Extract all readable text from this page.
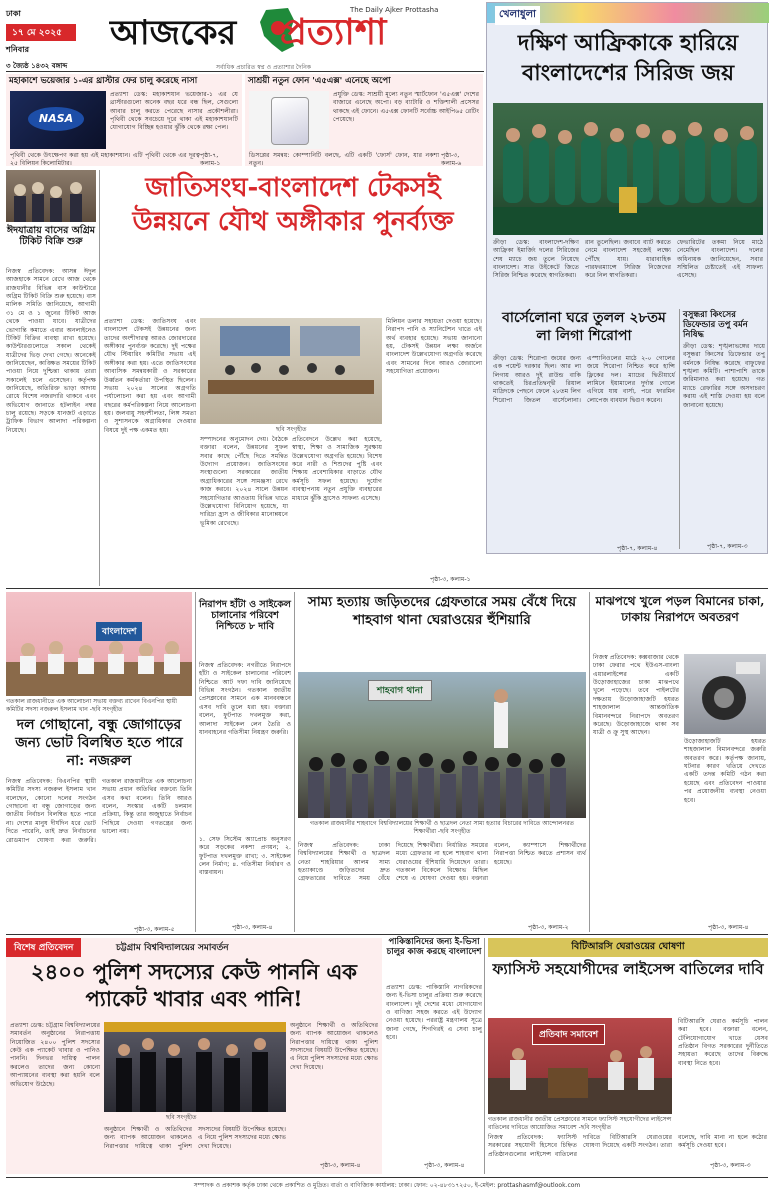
ঢাকা
১৭ মে ২০২৫
শনিবার
৩ জ্যৈষ্ঠ ১৪৩২ বঙ্গাব্দ
আজকের প্রত্যাশা
The Daily Ajker Prottasha
সর্বাধিক প্রচারিত স্বপ্ন ও প্রত্যাশার দৈনিক
মহাকাশে ভয়েজার ১-এর থ্রাস্টার ফের চালু করেছে নাসা
NASA
প্রত্যাশা ডেস্ক: মহাকাশযান ভয়েজার-১ এর যে থ্রাস্টারগুলো অনেক বছর ধরে বন্ধ ছিল, সেগুলো আবার চালু করতে পেরেছে নাসার প্রকৌশলীরা। পৃথিবী থেকে সবচেয়ে দূরে থাকা এই মহাকাশযানটি যোগাযোগ বিচ্ছিন্ন হওয়ার ঝুঁকি থেকে রক্ষা পেল।
পৃথিবী থেকে উৎক্ষেপণ করা হয় এই মহাকাশযান। এটি পৃথিবী থেকে এর দূরত্ব ২৫ বিলিয়ন কিলোমিটার।
পৃষ্ঠা-৭, কলাম-১
সাশ্রয়ী নতুন ফোন 'এ৫এক্স' এনেছে অপো
প্রযুক্তি ডেস্ক: সাশ্রয়ী মূল্যে নতুন স্মার্টফোন 'এ৫এক্স' দেশের বাজারে এনেছে অপো। বড় ব্যাটারি ও শক্তিশালী প্রসেসর থাকছে এই ফোনে। এ৫এক্স ফোনটি সর্বোচ্চ আইপি৬৫ রেটিং পেয়েছে।
ডিসপ্লের সমন্বয়: কোম্পানিটি বলছে, এটি একটি 'ফোর্স' ফোন, যার নকশা নতুন।
পৃষ্ঠা-৩, কলাম-৬
খেলাধুলা
দক্ষিণ আফ্রিকাকে হারিয়ে বাংলাদেশের সিরিজ জয়
ক্রীড়া ডেস্ক: বাংলাদেশ-দক্ষিণ আফ্রিকা ইমার্জিং দলের সিরিজের শেষ ম্যাচে জয় তুলে নিয়েছে বাংলাদেশ। সাত উইকেটে জিতে সিরিজ নিশ্চিত করেছে স্বাগতিকরা।
রান তুলেছিল। জবাবে ব্যাট করতে নেমে বাংলাদেশ সহজেই লক্ষ্যে পৌঁছে যায়। ধারাবাহিক পারফরম্যান্সে সিরিজ নিজেদের করে নিল স্বাগতিকরা।
ফেভারিটের তকমা নিয়ে মাঠে নেমেছিল বাংলাদেশ। দলের অধিনায়ক জানিয়েছেন, সবার সম্মিলিত চেষ্টাতেই এই সাফল্য এসেছে।
বার্সেলোনা ঘরে তুলল ২৮তম লা লিগা শিরোপা
ক্রীড়া ডেস্ক: শিরোপা জয়ের জন্য এক পয়েন্ট দরকার ছিল। আর লা লিগায় আরও দুই রাউন্ড বাকি থাকতেই চিরপ্রতিদ্বন্দ্বী রিয়াল মাদ্রিদকে পেছনে ফেলে ২৮তম লিগ শিরোপা জিতল বার্সেলোনা। এস্পানিওলের মাঠে ২-০ গোলের জয়ে শিরোপা নিশ্চিত করে হান্সি ফ্লিকের দল। ম্যাচের দ্বিতীয়ার্ধে লামিনে ইয়ামালের দুর্দান্ত গোলে এগিয়ে যায় বার্সা, পরে ফারমিন লোপেজ ব্যবধান দ্বিগুণ করেন।
পৃষ্ঠা-৭, কলাম-৪
বসুন্ধরা কিংসের ডিফেন্ডার তপু বর্মন নিষিদ্ধ
ক্রীড়া ডেস্ক: শৃঙ্খলাভঙ্গের দায়ে বসুন্ধরা কিংসের ডিফেন্ডার তপু বর্মনকে নিষিদ্ধ করেছে বাফুফের শৃঙ্খলা কমিটি। পাশাপাশি তাকে জরিমানাও করা হয়েছে। গত ম্যাচে রেফারির সঙ্গে অসদাচরণ করায় এই শাস্তি দেওয়া হয় বলে জানানো হয়েছে।
পৃষ্ঠা-৭, কলাম-৩
ঈদযাত্রায় বাসের অগ্রিম টিকিট বিক্রি শুরু
নিজস্ব প্রতিবেদক: আসন্ন ঈদুল আজহাকে সামনে রেখে আজ থেকে রাজধানীর বিভিন্ন বাস কাউন্টারে অগ্রিম টিকিট বিক্রি শুরু হয়েছে। বাস মালিক সমিতি জানিয়েছে, আগামী ৩১ মে ও ১ জুনের টিকিট আজ থেকে পাওয়া যাবে। যাত্রীদের ভোগান্তি কমাতে এবার অনলাইনেও টিকিট বিক্রির ব্যবস্থা রাখা হয়েছে। কাউন্টারগুলোতে সকাল থেকেই যাত্রীদের ভিড় দেখা গেছে। অনেকেই জানিয়েছেন, কাঙ্ক্ষিত সময়ের টিকিট পাওয়া নিয়ে দুশ্চিন্তা থাকায় তারা সকালেই চলে এসেছেন। কর্তৃপক্ষ জানিয়েছে, অতিরিক্ত ভাড়া আদায় রোধে বিশেষ নজরদারি থাকবে এবং অভিযোগ জানাতে হটলাইন নম্বর চালু রয়েছে। সড়কে যানজট এড়াতে ট্রাফিক বিভাগ আলাদা পরিকল্পনা নিয়েছে।
জাতিসংঘ-বাংলাদেশ টেকসই উন্নয়নে যৌথ অঙ্গীকার পুনর্ব্যক্ত
প্রত্যাশা ডেস্ক: জাতিসংঘ এবং বাংলাদেশ টেকসই উন্নয়নের জন্য তাদের অংশীদারত্ব আরও জোরদারের অঙ্গীকার পুনর্ব্যক্ত করেছে। দুই পক্ষের যৌথ স্টিয়ারিং কমিটির সভায় এই অঙ্গীকার করা হয়। এতে জাতিসংঘের আবাসিক সমন্বয়কারী ও সরকারের উর্ধ্বতন কর্মকর্তারা উপস্থিত ছিলেন। সভায় ২০২৪ সালের অগ্রগতি পর্যালোচনা করা হয় এবং আগামী বছরের কর্মপরিকল্পনা নিয়ে আলোচনা হয়। জলবায়ু সহনশীলতা, লিঙ্গ সমতা ও সুশাসনকে অগ্রাধিকার দেওয়ার বিষয়ে দুই পক্ষ একমত হয়।	ছবি সংগৃহীত
সম্পাদনের অনুমোদন দেয়। বৈঠকে বক্তারা বলেন, উন্নয়নের সুফল সবার কাছে পৌঁছে দিতে সমন্বিত উদ্যোগ প্রয়োজন। জাতিসংঘের সংস্থাগুলো সরকারের জাতীয় অগ্রাধিকারের সঙ্গে সামঞ্জস্য রেখে কাজ করবে। ২০২৪ সালে উন্নয়ন সহযোগিতার আওতায় বিভিন্ন খাতে উল্লেখযোগ্য বিনিয়োগ হয়েছে, যা দারিদ্র্য হ্রাস ও জীবিকার মানোন্নয়নে ভূমিকা রেখেছে।
প্রতিবেদনে উল্লেখ করা হয়েছে, স্বাস্থ্য, শিক্ষা ও সামাজিক সুরক্ষায় উল্লেখযোগ্য অগ্রগতি হয়েছে। বিশেষ করে নারী ও শিশুদের পুষ্টি এবং শিক্ষায় প্রবেশাধিকার বাড়াতে যৌথ কর্মসূচি সফল হয়েছে। দুর্যোগ ব্যবস্থাপনায় নতুন প্রযুক্তি ব্যবহারের মাধ্যমে ঝুঁকি হ্রাসেও সাফল্য এসেছে।
মিলিয়ন ডলার সহায়তা দেওয়া হয়েছে। নিরাপদ পানি ও স্যানিটেশন খাতে এই অর্থ ব্যবহার হয়েছে। সভায় জানানো হয়, টেকসই উন্নয়ন লক্ষ্য অর্জনে বাংলাদেশ উল্লেখযোগ্য অগ্রগতি করেছে এবং সামনের দিনে আরও জোরালো সহযোগিতা প্রয়োজন।
পৃষ্ঠা-৩, কলাম-১
বাংলাদেশ
গতকাল রাজধানীতে এক আলোচনা সভায় বক্তব্য রাখেন বিএনপির স্থায়ী কমিটির সদস্য নজরুল ইসলাম খান -ছবি সংগৃহীত
দল গোছানো, বন্ধু জোগাড়ের জন্য ভোট বিলম্বিত হতে পারে না: নজরুল
নিজস্ব প্রতিবেদক: বিএনপির স্থায়ী কমিটির সদস্য নজরুল ইসলাম খান বলেছেন, কোনো দলের সংগঠন গোছানো বা বন্ধু জোগাড়ের জন্য জাতীয় নির্বাচন বিলম্বিত হতে পারে না। দেশের মানুষ দীর্ঘদিন ধরে ভোট দিতে পারেনি, তাই দ্রুত নির্বাচনের রোডম্যাপ ঘোষণা করা জরুরি। গতকাল রাজধানীতে এক আলোচনা সভায় প্রধান অতিথির বক্তব্যে তিনি এসব কথা বলেন। তিনি আরও বলেন, সংস্কার একটি চলমান প্রক্রিয়া, কিন্তু তার অজুহাতে নির্বাচন পিছিয়ে দেওয়া গণতন্ত্রের জন্য ভালো নয়।
পৃষ্ঠা-৩, কলাম-৫
নিরাপদ হাঁটা ও সাইকেল চালানোর পরিবেশ নিশ্চিতে ৮ দাবি
নিজস্ব প্রতিবেদক: নগরীতে নিরাপদে হাঁটা ও সাইকেল চালানোর পরিবেশ নিশ্চিতে আট দফা দাবি জানিয়েছে বিভিন্ন সংগঠন। গতকাল জাতীয় প্রেসক্লাবের সামনে এক মানববন্ধনে এসব দাবি তুলে ধরা হয়। বক্তারা বলেন, ফুটপাত দখলমুক্ত করা, আলাদা সাইকেল লেন তৈরি ও যানবাহনের গতিসীমা নিয়ন্ত্রণ জরুরি।
১. সেফ সিস্টেম অ্যাপ্রোচ অনুসরণ করে সড়কের নকশা প্রণয়ন; ২. ফুটপাত দখলমুক্ত রাখা; ৩. সাইকেল লেন নির্মাণ; ৪. গতিসীমা নির্ধারণ ও বাস্তবায়ন।
পৃষ্ঠা-৩, কলাম-৪
সাম্য হত্যায় জড়িতদের গ্রেফতারে সময় বেঁধে দিয়ে শাহবাগ থানা ঘেরাওয়ের হুঁশিয়ারি
শাহবাগ থানা
গতকাল রাজধানীর শাহবাগে বিশ্ববিদ্যালয়ের শিক্ষার্থী ও ছাত্রদল নেতা সাম্য হত্যার বিচারের দাবিতে আন্দোলনরত শিক্ষার্থীরা -ছবি সংগৃহীত
নিজস্ব প্রতিবেদক: ঢাকা বিশ্ববিদ্যালয়ের শিক্ষার্থী ও ছাত্রদল নেতা শাহরিয়ার আলম সাম্য হত্যাকাণ্ডে জড়িতদের দ্রুত গ্রেফতারের দাবিতে সময় বেঁধে দিয়েছে শিক্ষার্থীরা। নির্ধারিত সময়ের মধ্যে গ্রেফতার না হলে শাহবাগ থানা ঘেরাওয়ের হুঁশিয়ারি দিয়েছেন তারা। গতকাল বিকেলে বিক্ষোভ মিছিল শেষে এ ঘোষণা দেওয়া হয়। বক্তারা বলেন, ক্যাম্পাসে শিক্ষার্থীদের নিরাপত্তা নিশ্চিত করতে প্রশাসন ব্যর্থ হয়েছে।
পৃষ্ঠা-৩, কলাম-২
মাঝপথে খুলে পড়ল বিমানের চাকা, ঢাকায় নিরাপদে অবতরণ
নিজস্ব প্রতিবেদক: কক্সবাজার থেকে ঢাকা ফেরার পথে ইউএস-বাংলা এয়ারলাইন্সের একটি উড়োজাহাজের চাকা মাঝপথে খুলে পড়েছে। তবে পাইলটের দক্ষতায় উড়োজাহাজটি হযরত শাহজালাল আন্তর্জাতিক বিমানবন্দরে নিরাপদে অবতরণ করেছে। উড়োজাহাজে থাকা সব যাত্রী ও ক্রু সুস্থ আছেন।
উড়োজাহাজটি হযরত শাহজালাল বিমানবন্দরে জরুরি অবতরণ করে। কর্তৃপক্ষ জানায়, ঘটনার কারণ খতিয়ে দেখতে একটি তদন্ত কমিটি গঠন করা হয়েছে এবং প্রতিবেদন পাওয়ার পর প্রয়োজনীয় ব্যবস্থা নেওয়া হবে।
পৃষ্ঠা-৩, কলাম-৪
বিশেষ প্রতিবেদন	চট্টগ্রাম বিশ্ববিদ্যালয়ের সমাবর্তন
২৪০০ পুলিশ সদস্যের কেউ পাননি এক প্যাকেট খাবার এবং পানি!
প্রত্যাশা ডেস্ক: চট্টগ্রাম বিশ্ববিদ্যালয়ের সমাবর্তন অনুষ্ঠানের নিরাপত্তায় নিয়োজিত ২৪০০ পুলিশ সদস্যের কেউ এক প্যাকেট খাবার ও পানিও পাননি। দিনভর দায়িত্ব পালন করলেও তাদের জন্য কোনো আপ্যায়নের ব্যবস্থা করা হয়নি বলে অভিযোগ উঠেছে।
ছবি সংগৃহীত
অনুষ্ঠানে শিক্ষার্থী ও অতিথিদের জন্য ব্যাপক আয়োজন থাকলেও নিরাপত্তার দায়িত্বে থাকা পুলিশ সদস্যদের বিষয়টি উপেক্ষিত হয়েছে। এ নিয়ে পুলিশ সদস্যদের মধ্যে ক্ষোভ দেখা দিয়েছে।
অনুষ্ঠানে শিক্ষার্থী ও অতিথিদের জন্য ব্যাপক আয়োজন থাকলেও নিরাপত্তার দায়িত্বে থাকা পুলিশ সদস্যদের বিষয়টি উপেক্ষিত হয়েছে। এ নিয়ে পুলিশ সদস্যদের মধ্যে ক্ষোভ দেখা দিয়েছে।
পৃষ্ঠা-৩, কলাম-৪
পাকিস্তানিদের জন্য ই-ভিসা চালুর কাজ করছে বাংলাদেশ
প্রত্যাশা ডেস্ক: পাকিস্তানি নাগরিকদের জন্য ই-ভিসা চালুর প্রক্রিয়া শুরু করেছে বাংলাদেশ। দুই দেশের মধ্যে যোগাযোগ ও বাণিজ্য সহজ করতে এই উদ্যোগ নেওয়া হয়েছে। পররাষ্ট্র মন্ত্রণালয় সূত্রে জানা গেছে, শিগগিরই এ সেবা চালু হবে।
পৃষ্ঠা-৩, কলাম-৪
বিটিআরসি ঘেরাওয়ের ঘোষণা
ফ্যাসিস্ট সহযোগীদের লাইসেন্স বাতিলের দাবি
প্রতিবাদ সমাবেশ
গতকাল রাজধানীর জাতীয় প্রেসক্লাবের সামনে ফ্যাসিস্ট সহযোগীদের লাইসেন্স বাতিলের দাবিতে আয়োজিত সমাবেশ -ছবি সংগৃহীত
নিজস্ব প্রতিবেদক: ফ্যাসিস্ট সরকারের সহযোগী হিসেবে চিহ্নিত প্রতিষ্ঠানগুলোর লাইসেন্স বাতিলের দাবিতে বিটিআরসি ঘেরাওয়ের ঘোষণা দিয়েছে একটি সংগঠন। তারা বলেছে, দাবি মানা না হলে কঠোর কর্মসূচি দেওয়া হবে।
বিটিআরসি ঘেরাও কর্মসূচি পালন করা হবে। বক্তারা বলেন, টেলিযোগাযোগ খাতে যেসব প্রতিষ্ঠান বিগত সরকারের দুর্নীতিতে সহায়তা করেছে তাদের বিরুদ্ধে ব্যবস্থা নিতে হবে।
পৃষ্ঠা-৩, কলাম-৩
সম্পাদক ও প্রকাশক কর্তৃক ঢাকা থেকে প্রকাশিত ও মুদ্রিত। বার্তা ও বাণিজ্যিক কার্যালয়: ঢাকা। ফোন: ০২-৪৮৩১৭২৫০, ই-মেইল: prottashasmf@outlook.com
